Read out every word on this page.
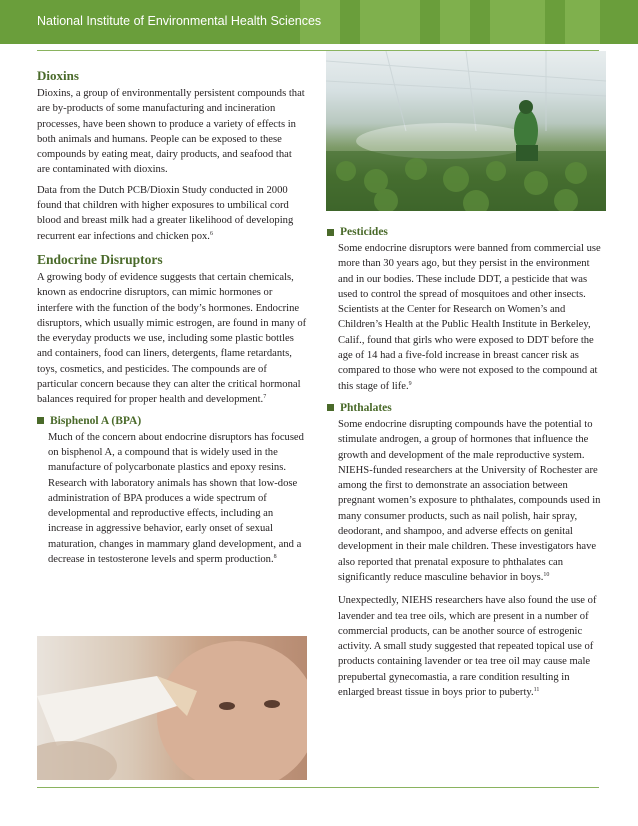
National Institute of Environmental Health Sciences
Dioxins

Dioxins, a group of environmentally persistent compounds that are by-products of some manufacturing and incineration processes, have been shown to produce a variety of effects in both animals and humans. People can be exposed to these compounds by eating meat, dairy products, and seafood that are contaminated with dioxins.

Data from the Dutch PCB/Dioxin Study conducted in 2000 found that children with higher exposures to umbilical cord blood and breast milk had a greater likelihood of developing recurrent ear infections and chicken pox.$^6$

Endocrine Disruptors

A growing body of evidence suggests that certain chemicals, known as endocrine disruptors, can mimic hormones or interfere with the function of the body’s hormones. Endocrine disruptors, which usually mimic estrogen, are found in many of the everyday products we use, including some plastic bottles and containers, food can liners, detergents, flame retardants, toys, cosmetics, and pesticides. The compounds are of particular concern because they can alter the critical hormonal balances required for proper health and development.$^7$

Bisphenol A (BPA)

Much of the concern about endocrine disruptors has focused on bisphenol A, a compound that is widely used in the manufacture of polycarbonate plastics and epoxy resins. Research with laboratory animals has shown that low-dose administration of BPA produces a wide spectrum of developmental and reproductive effects, including an increase in aggressive behavior, early onset of sexual maturation, changes in mammary gland development, and a decrease in testosterone levels and sperm production.$^8$

Pesticides

Some endocrine disruptors were banned from commercial use more than 30 years ago, but they persist in the environment and in our bodies. These include DDT, a pesticide that was used to control the spread of mosquitoes and other insects. Scientists at the Center for Research on Women’s and Children’s Health at the Public Health Institute in Berkeley, Calif., found that girls who were exposed to DDT before the age of 14 had a five-fold increase in breast cancer risk as compared to those who were not exposed to the compound at this stage of life.$^9$

Phthalates

Some endocrine disrupting compounds have the potential to stimulate androgen, a group of hormones that influence the growth and development of the male reproductive system. NIEHS-funded researchers at the University of Rochester are among the first to demonstrate an association between pregnant women’s exposure to phthalates, compounds used in many consumer products, such as nail polish, hair spray, deodorant, and shampoo, and adverse effects on genital development in their male children. These investigators have also reported that prenatal exposure to phthalates can significantly reduce masculine behavior in boys.$^{10}$

Unexpectedly, NIEHS researchers have also found the use of lavender and tea tree oils, which are present in a number of commercial products, can be another source of estrogenic activity. A small study suggested that repeated topical use of products containing lavender or tea tree oil may cause male prepubertal gynecomastia, a rare condition resulting in enlarged breast tissue in boys prior to puberty.$^{11}$
